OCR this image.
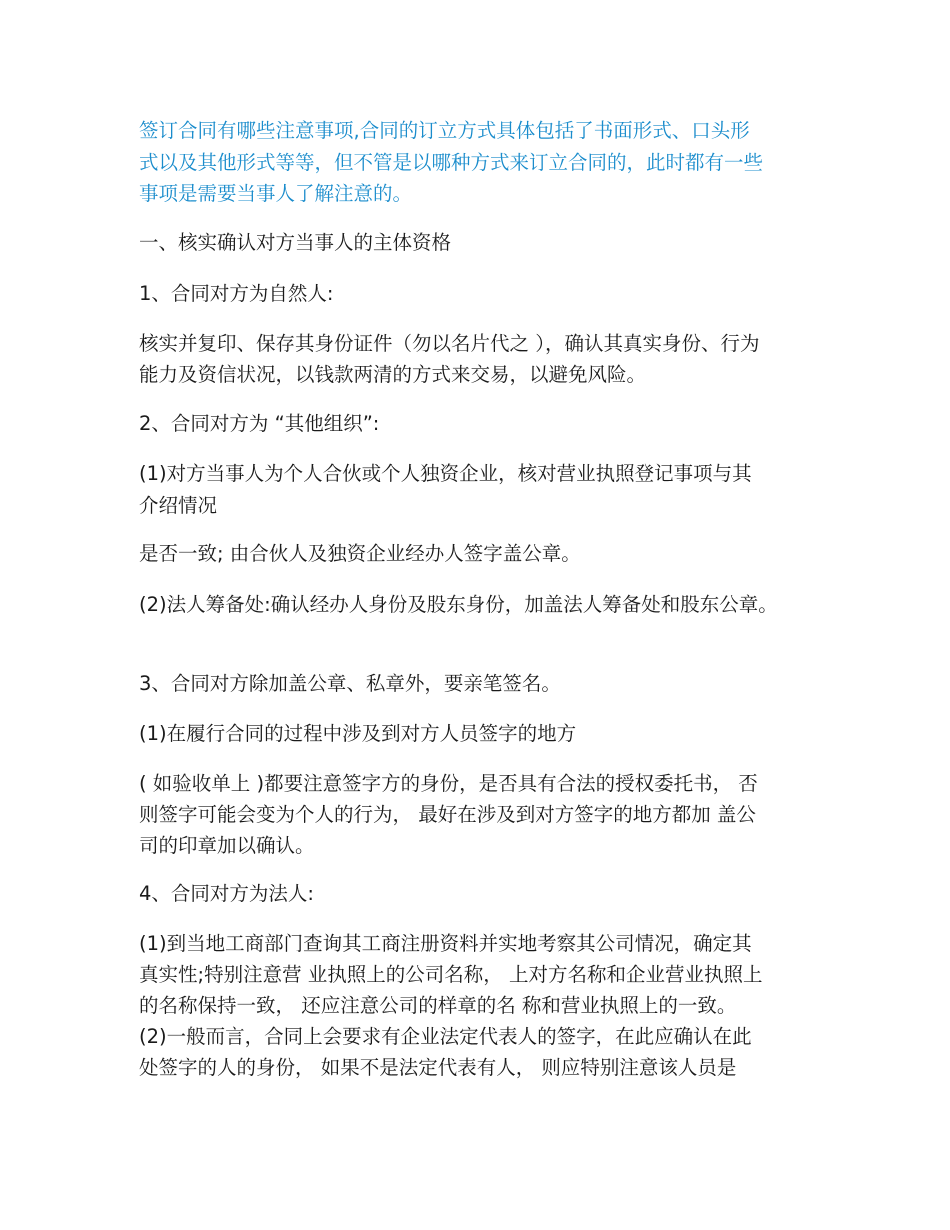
签订合同有哪些注意事项,合同的订立方式具体包括了书面形式、口头形

式以及其他形式等等，但不管是以哪种方式来订立合同的，此时都有一些

事项是需要当事人了解注意的。

一、核实确认对方当事人的主体资格

1、合同对方为自然人:

核实并复印、保存其身份证件（勿以名片代之 ），确认其真实身份、行为

能力及资信状况，以钱款两清的方式来交易，以避免风险。

2、合同对方为 “其他组织”:

(1)对方当事人为个人合伙或个人独资企业，核对营业执照登记事项与其

介绍情况

是否一致; 由合伙人及独资企业经办人签字盖公章。

(2)法人筹备处:确认经办人身份及股东身份，加盖法人筹备处和股东公章。

3、合同对方除加盖公章、私章外，要亲笔签名。

(1)在履行合同的过程中涉及到对方人员签字的地方

( 如验收单上 )都要注意签字方的身份，是否具有合法的授权委托书， 否

则签字可能会变为个人的行为， 最好在涉及到对方签字的地方都加 盖公

司的印章加以确认。

4、合同对方为法人:

(1)到当地工商部门查询其工商注册资料并实地考察其公司情况，确定其

真实性;特别注意营 业执照上的公司名称， 上对方名称和企业营业执照上

的名称保持一致， 还应注意公司的样章的名 称和营业执照上的一致。

(2)一般而言，合同上会要求有企业法定代表人的签字，在此应确认在此

处签字的人的身份， 如果不是法定代表有人， 则应特别注意该人员是
